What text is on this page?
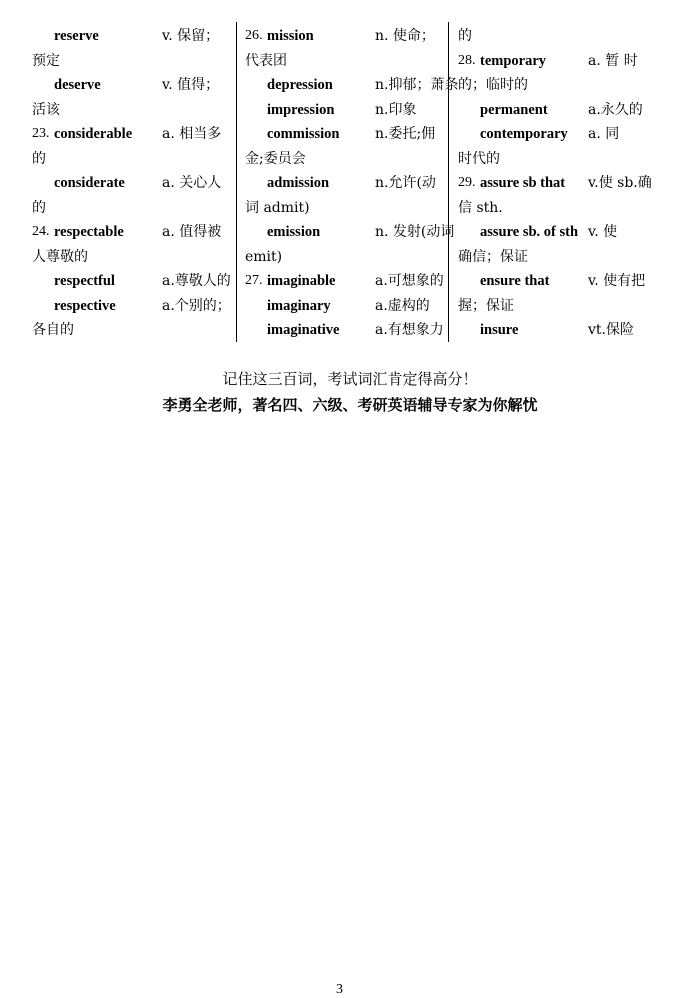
reserve	v. 保留；
预定
deserve	v. 值得；
活该
23. considerable a. 相当多
的
considerate	a. 关心人
的
24. respectable	a. 值得被
人尊敬的
respectful	a.尊敬人的
respective	a.个别的；
各自的
26. mission	n. 使命；
代表团
depression	n.抑郁；萧条
impression	n.印象
commission	n.委托;佣
金;委员会
admission	n.允许(动
词 admit)
emission	n. 发射(动词
emit)
27. imaginable	a.可想象的
imaginary	a.虚构的
imaginative	a.有想象力
的
28. temporary	a. 暂 时
的；临时的
permanent	a.永久的
contemporary a. 同
时代的
29. assure sb that v.使 sb.确
信 sth.
assure sb. of sth v. 使
确信；保证
ensure that	v. 使有把
握；保证
insure	vt.保险
记住这三百词，考试词汇肯定得高分！
李勇全老师，著名四、六级、考研英语辅导专家为你解忧
3
